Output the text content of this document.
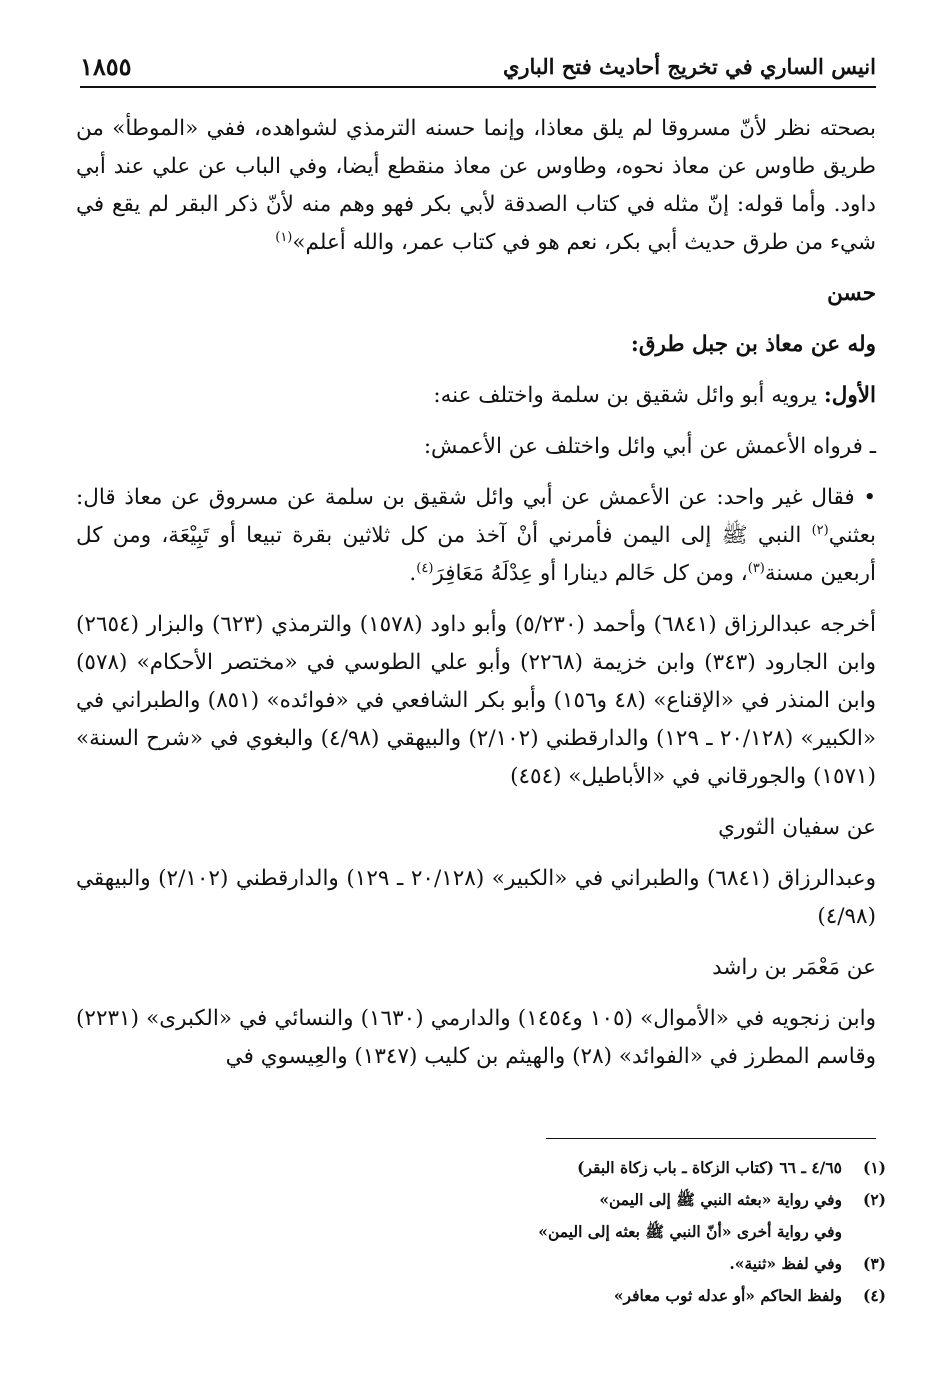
انيس الساري في تخريج أحاديث فتح الباري
١٨٥٥

بصحته نظر لأنّ مسروقا لم يلق معاذا، وإنما حسنه الترمذي لشواهده، ففي «الموطأ» من طريق طاوس عن معاذ نحوه، وطاوس عن معاذ منقطع أيضا، وفي الباب عن علي عند أبي داود. وأما قوله: إنّ مثله في كتاب الصدقة لأبي بكر فهو وهم منه لأنّ ذكر البقر لم يقع في شيء من طرق حديث أبي بكر، نعم هو في كتاب عمر، والله أعلم»$^{(١)}$

حسن

وله عن معاذ بن جبل طرق:

الأول: يرويه أبو وائل شقيق بن سلمة واختلف عنه:

ـ فرواه الأعمش عن أبي وائل واختلف عن الأعمش:

• فقال غير واحد: عن الأعمش عن أبي وائل شقيق بن سلمة عن مسروق عن معاذ قال: بعثني$^{(٢)}$ النبي ﷺ إلى اليمن فأمرني أنْ آخذ من كل ثلاثين بقرة تبيعا أو تَبِيْعَة، ومن كل أربعين مسنة$^{(٣)}$، ومن كل حَالم دينارا أو عِدْلَهُ مَعَافِرَ$^{(٤)}$.

أخرجه عبدالرزاق (٦٨٤١) وأحمد (٥/٢٣٠) وأبو داود (١٥٧٨) والترمذي (٦٢٣) والبزار (٢٦٥٤) وابن الجارود (٣٤٣) وابن خزيمة (٢٢٦٨) وأبو علي الطوسي في «مختصر الأحكام» (٥٧٨) وابن المنذر في «الإقناع» (٤٨ و١٥٦) وأبو بكر الشافعي في «فوائده» (٨٥١) والطبراني في «الكبير» (٢٠/١٢٨ ـ ١٢٩) والدارقطني (٢/١٠٢) والبيهقي (٤/٩٨) والبغوي في «شرح السنة» (١٥٧١) والجورقاني في «الأباطيل» (٤٥٤)

عن سفيان الثوري

وعبدالرزاق (٦٨٤١) والطبراني في «الكبير» (٢٠/١٢٨ ـ ١٢٩) والدارقطني (٢/١٠٢) والبيهقي (٤/٩٨)

عن مَعْمَر بن راشد

وابن زنجويه في «الأموال» (١٠٥ و١٤٥٤) والدارمي (١٦٣٠) والنسائي في «الكبرى» (٢٢٣١) وقاسم المطرز في «الفوائد» (٢٨) والهيثم بن كليب (١٣٤٧) والعِيسوي في

(١)٤/٦٥ ـ ٦٦ (كتاب الزكاة ـ باب زكاة البقر)
(٢)وفي رواية «بعثه النبي ﷺ إلى اليمن»
وفي رواية أخرى «أنّ النبي ﷺ بعثه إلى اليمن»
(٣)وفي لفظ «ثنية».
(٤)ولفظ الحاكم «أو عدله ثوب معافر»
